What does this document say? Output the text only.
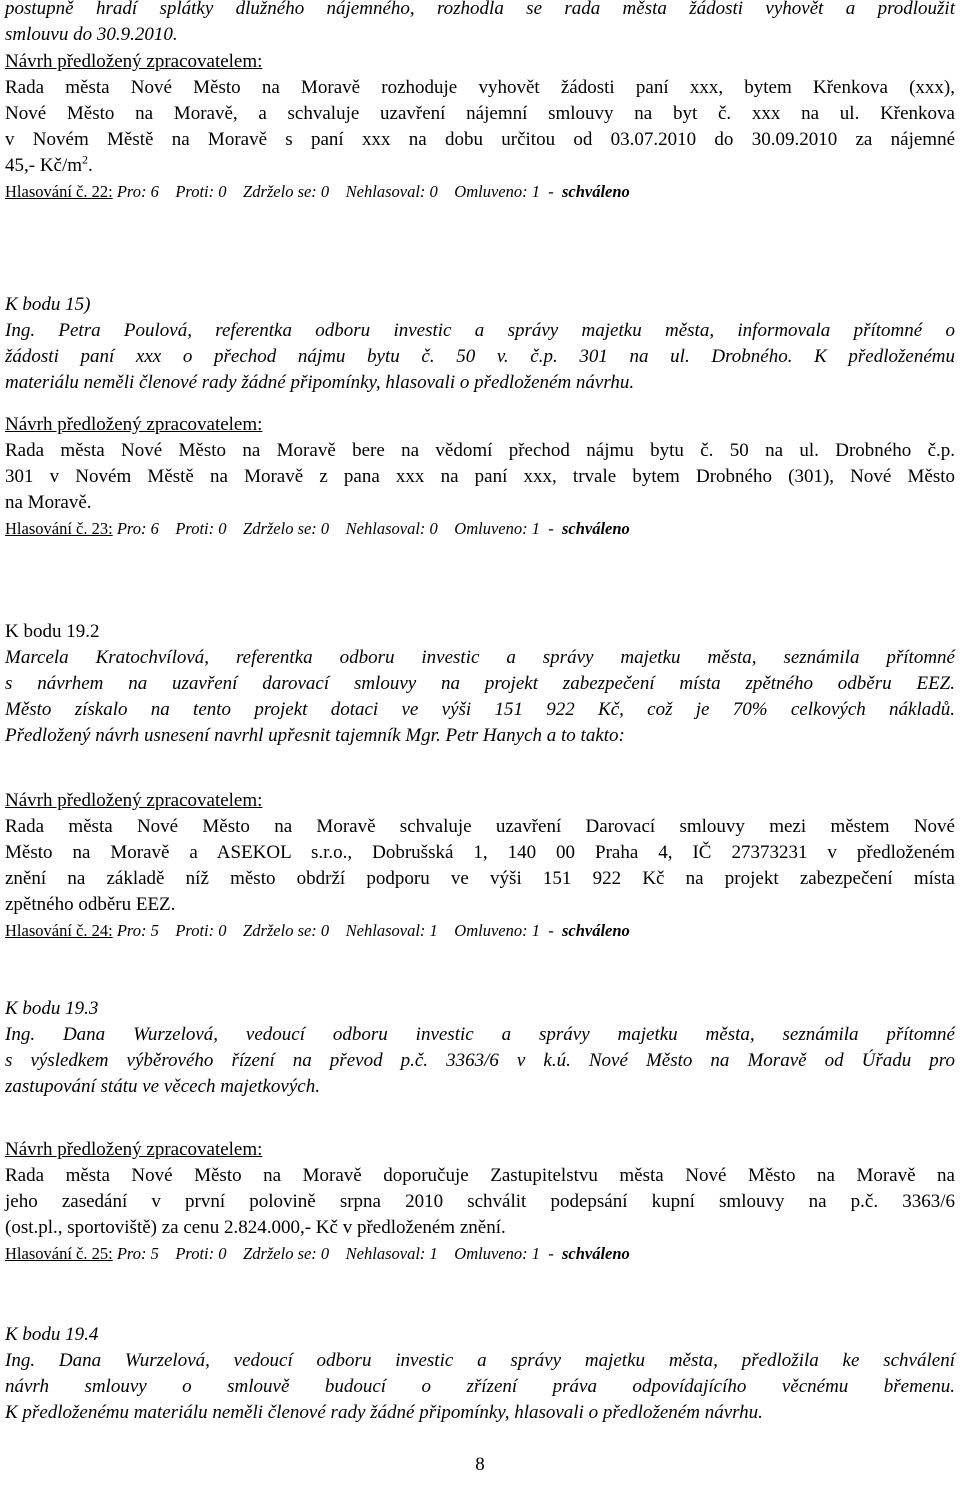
postupně hradí splátky dlužného nájemného, rozhodla se rada města žádosti vyhovět a prodloužit
smlouvu do 30.9.2010.
Návrh předložený zpracovatelem:
Rada města Nové Město na Moravě rozhoduje vyhovět žádosti paní xxx, bytem Křenkova (xxx),
Nové Město na Moravě, a schvaluje uzavření nájemní smlouvy na byt č. xxx na ul. Křenkova
v Novém Městě na Moravě s paní xxx na dobu určitou od 03.07.2010 do 30.09.2010 za nájemné
45,- $Kč/m^2$.
Hlasování č. 22: Pro: 6    Proti: 0    Zdrželo se: 0    Nehlasoval: 0    Omluveno: 1  -  schváleno
K bodu 15)
Ing. Petra Poulová, referentka odboru investic a správy majetku města, informovala přítomné o
žádosti paní xxx o přechod nájmu bytu č. 50 v. č.p. 301 na ul. Drobného. K předloženému
materiálu neměli členové rady žádné připomínky, hlasovali o předloženém návrhu.
Návrh předložený zpracovatelem:
Rada města Nové Město na Moravě bere na vědomí přechod nájmu bytu č. 50 na ul. Drobného č.p.
301 v Novém Městě na Moravě z pana xxx na paní xxx, trvale bytem Drobného (301), Nové Město
na Moravě.
Hlasování č. 23: Pro: 6    Proti: 0    Zdrželo se: 0    Nehlasoval: 0    Omluveno: 1  -  schváleno
K bodu 19.2
Marcela Kratochvílová, referentka odboru investic a správy majetku města, seznámila přítomné
s návrhem na uzavření darovací smlouvy na projekt zabezpečení místa zpětného odběru EEZ.
Město získalo na tento projekt dotaci ve výši 151 922 Kč, což je 70% celkových nákladů.
Předložený návrh usnesení navrhl upřesnit tajemník Mgr. Petr Hanych a to takto:
Návrh předložený zpracovatelem:
Rada města Nové Město na Moravě schvaluje uzavření Darovací smlouvy mezi městem Nové
Město na Moravě a ASEKOL s.r.o., Dobrušská 1, 140 00 Praha 4, IČ 27373231 v předloženém
znění na základě níž město obdrží podporu ve výši 151 922 Kč na projekt zabezpečení místa
zpětného odběru EEZ.
Hlasování č. 24: Pro: 5    Proti: 0    Zdrželo se: 0    Nehlasoval: 1    Omluveno: 1  -  schváleno
K bodu 19.3
Ing. Dana Wurzelová, vedoucí odboru investic a správy majetku města, seznámila přítomné
s výsledkem výběrového řízení na převod p.č. 3363/6 v k.ú. Nové Město na Moravě od Úřadu pro
zastupování státu ve věcech majetkových.
Návrh předložený zpracovatelem:
Rada města Nové Město na Moravě doporučuje Zastupitelstvu města Nové Město na Moravě na
jeho zasedání v první polovině srpna 2010 schválit podepsání kupní smlouvy na p.č. 3363/6
(ost.pl., sportoviště) za cenu 2.824.000,- Kč v předloženém znění.
Hlasování č. 25: Pro: 5    Proti: 0    Zdrželo se: 0    Nehlasoval: 1    Omluveno: 1  -  schváleno
K bodu 19.4
Ing. Dana Wurzelová, vedoucí odboru investic a správy majetku města, předložila ke schválení
návrh smlouvy o smlouvě budoucí o zřízení práva odpovídajícího věcnému břemenu.
K předloženému materiálu neměli členové rady žádné připomínky, hlasovali o předloženém návrhu.
8
